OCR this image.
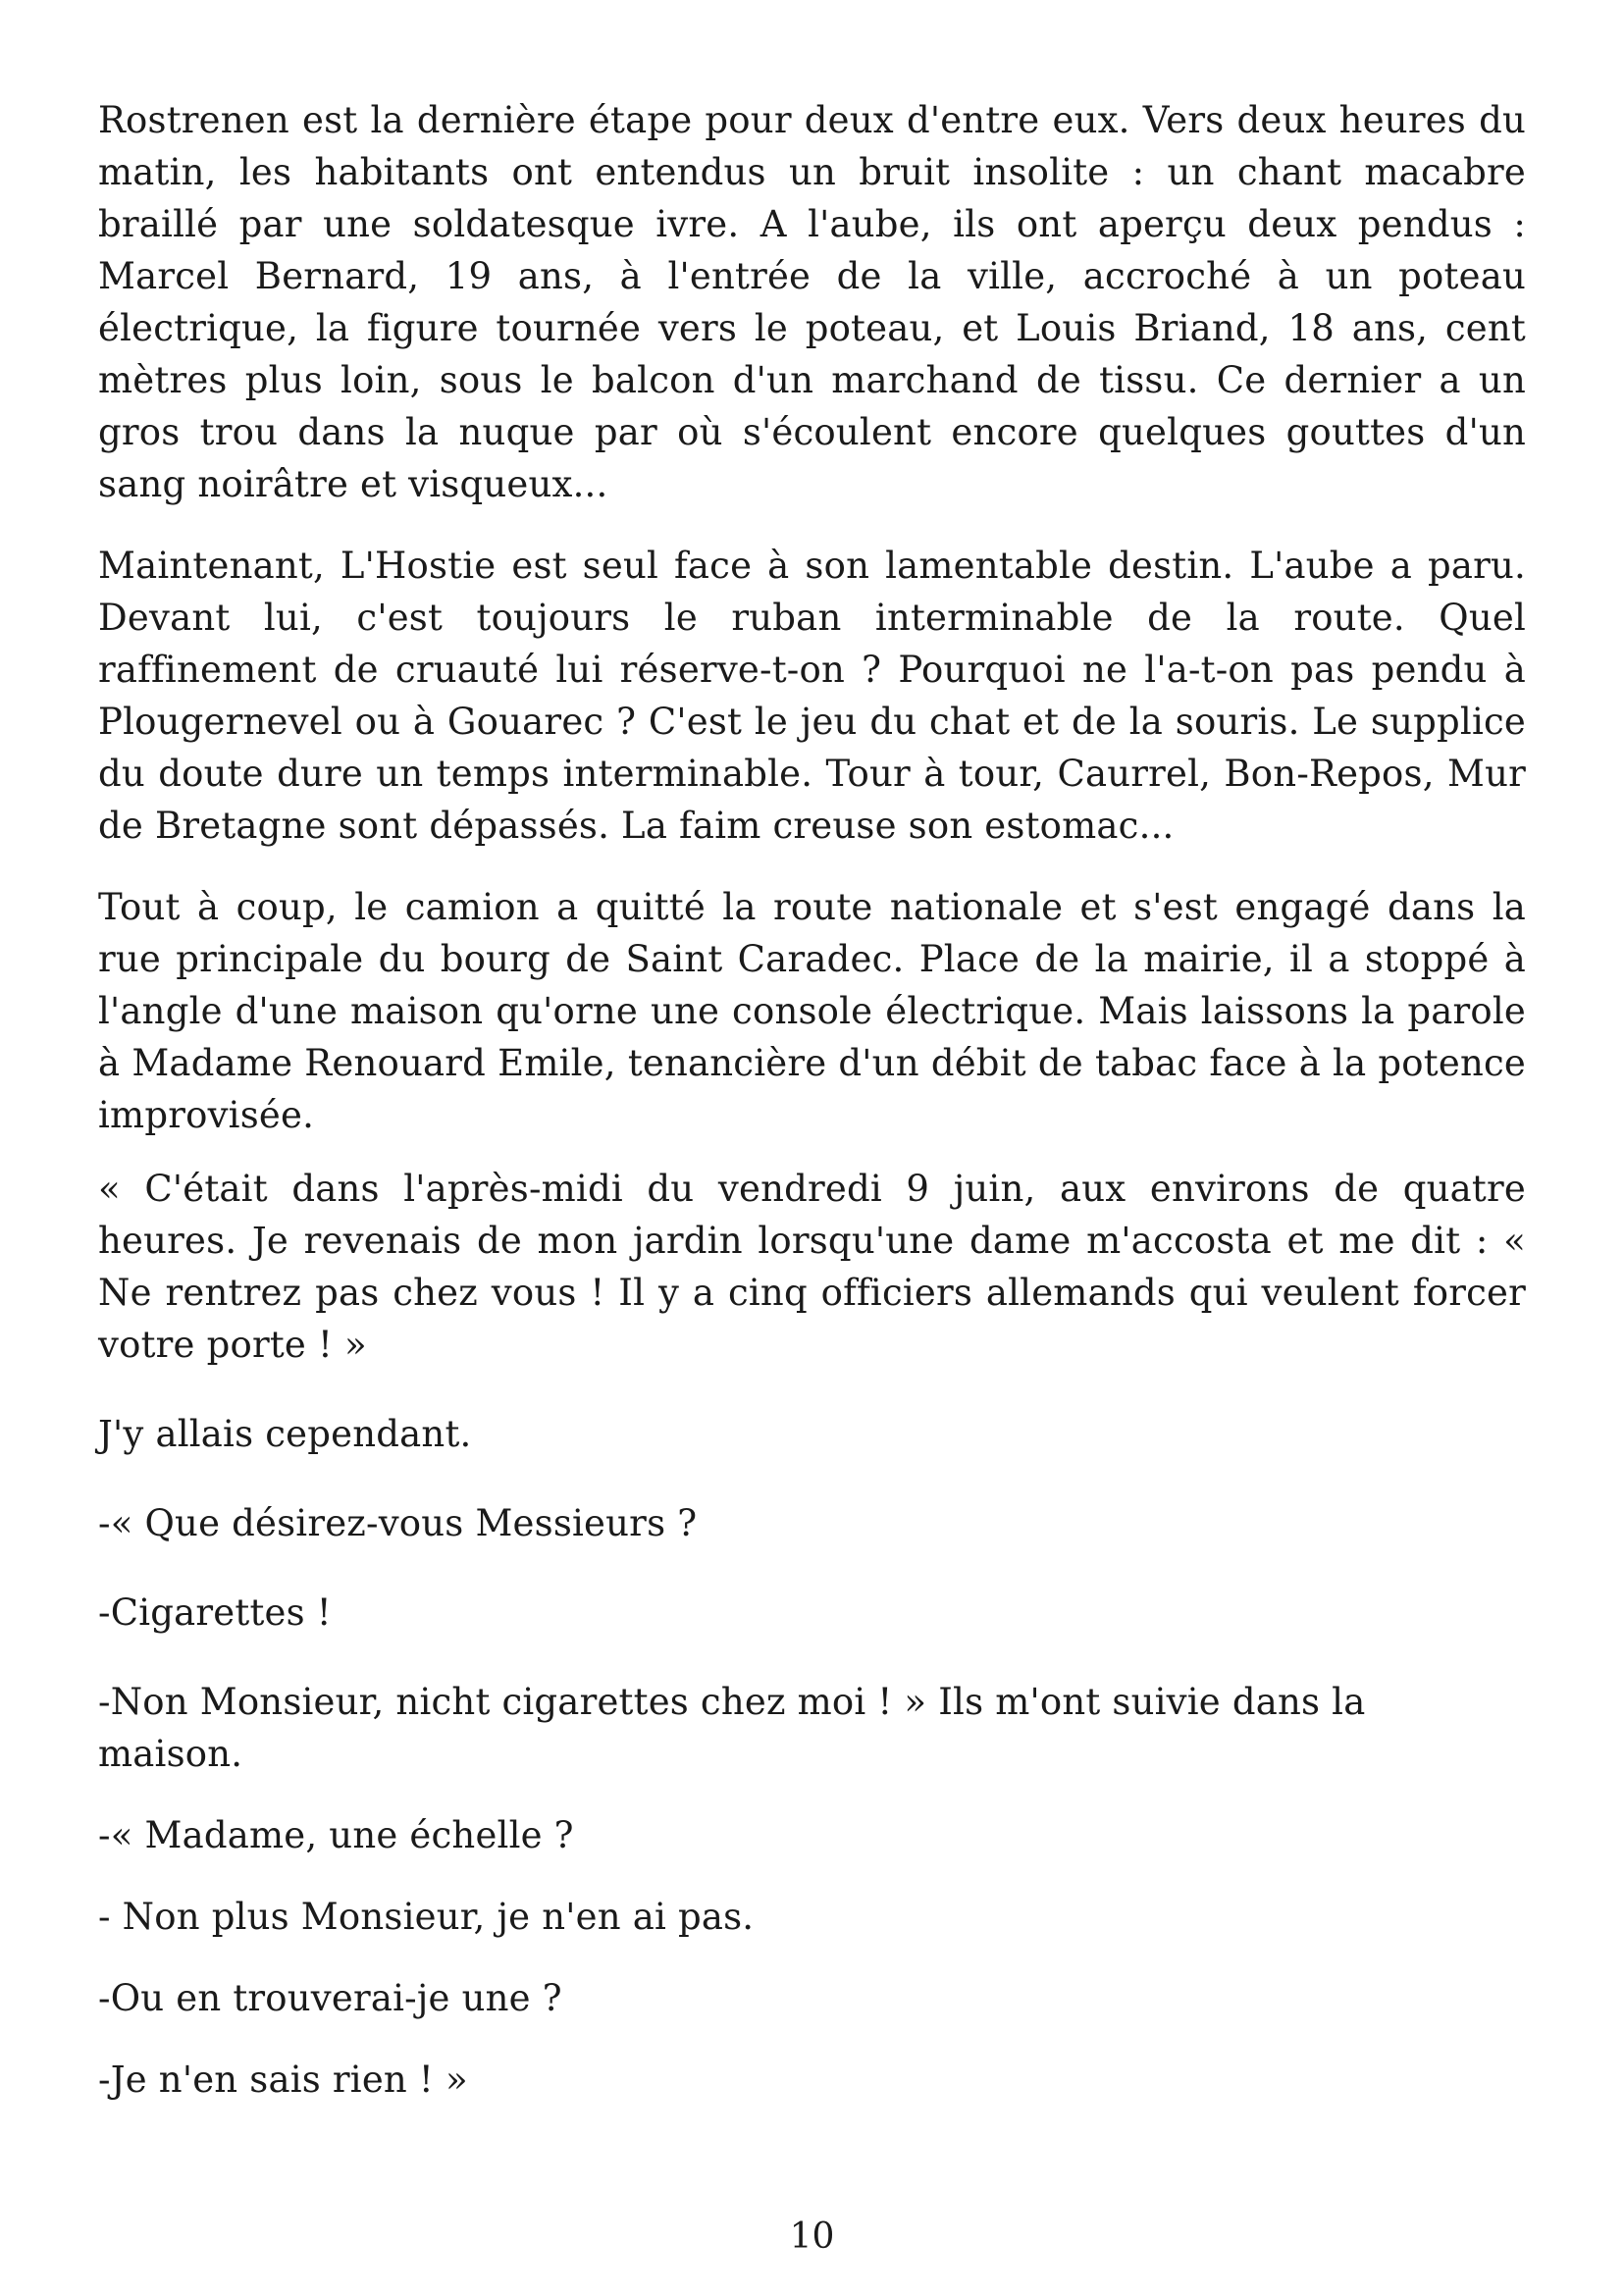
Rostrenen est la dernière étape pour deux d'entre eux. Vers deux heures du matin, les habitants ont entendus un bruit insolite : un chant macabre braillé par une soldatesque ivre. A l'aube, ils ont aperçu deux pendus : Marcel Bernard, 19 ans, à l'entrée de la ville, accroché à un poteau électrique, la figure tournée vers le poteau, et Louis Briand, 18 ans, cent mètres plus loin, sous le balcon d'un marchand de tissu. Ce dernier a un gros trou dans la nuque par où s'écoulent encore quelques gouttes d'un sang noirâtre et visqueux...

Maintenant, L'Hostie est seul face à son lamentable destin. L'aube a paru. Devant lui, c'est toujours le ruban interminable de la route. Quel raffinement de cruauté lui réserve-t-on ? Pourquoi ne l'a-t-on pas pendu à Plougernevel ou à Gouarec ? C'est le jeu du chat et de la souris. Le supplice du doute dure un temps interminable. Tour à tour, Caurrel, Bon-Repos, Mur de Bretagne sont dépassés. La faim creuse son estomac...

Tout à coup, le camion a quitté la route nationale et s'est engagé dans la rue principale du bourg de Saint Caradec. Place de la mairie, il a stoppé à l'angle d'une maison qu'orne une console électrique. Mais laissons la parole à Madame Renouard Emile, tenancière d'un débit de tabac face à la potence improvisée.

« C'était dans l'après-midi du vendredi 9 juin, aux environs de quatre heures. Je revenais de mon jardin lorsqu'une dame m'accosta et me dit : « Ne rentrez pas chez vous ! Il y a cinq officiers allemands qui veulent forcer votre porte ! »

J'y allais cependant.

-« Que désirez-vous Messieurs ?

-Cigarettes !

-Non Monsieur, nicht cigarettes chez moi ! » Ils m'ont suivie dans la maison.

-« Madame, une échelle ?

- Non plus Monsieur, je n'en ai pas.

-Ou en trouverai-je une ?

-Je n'en sais rien ! »

10
